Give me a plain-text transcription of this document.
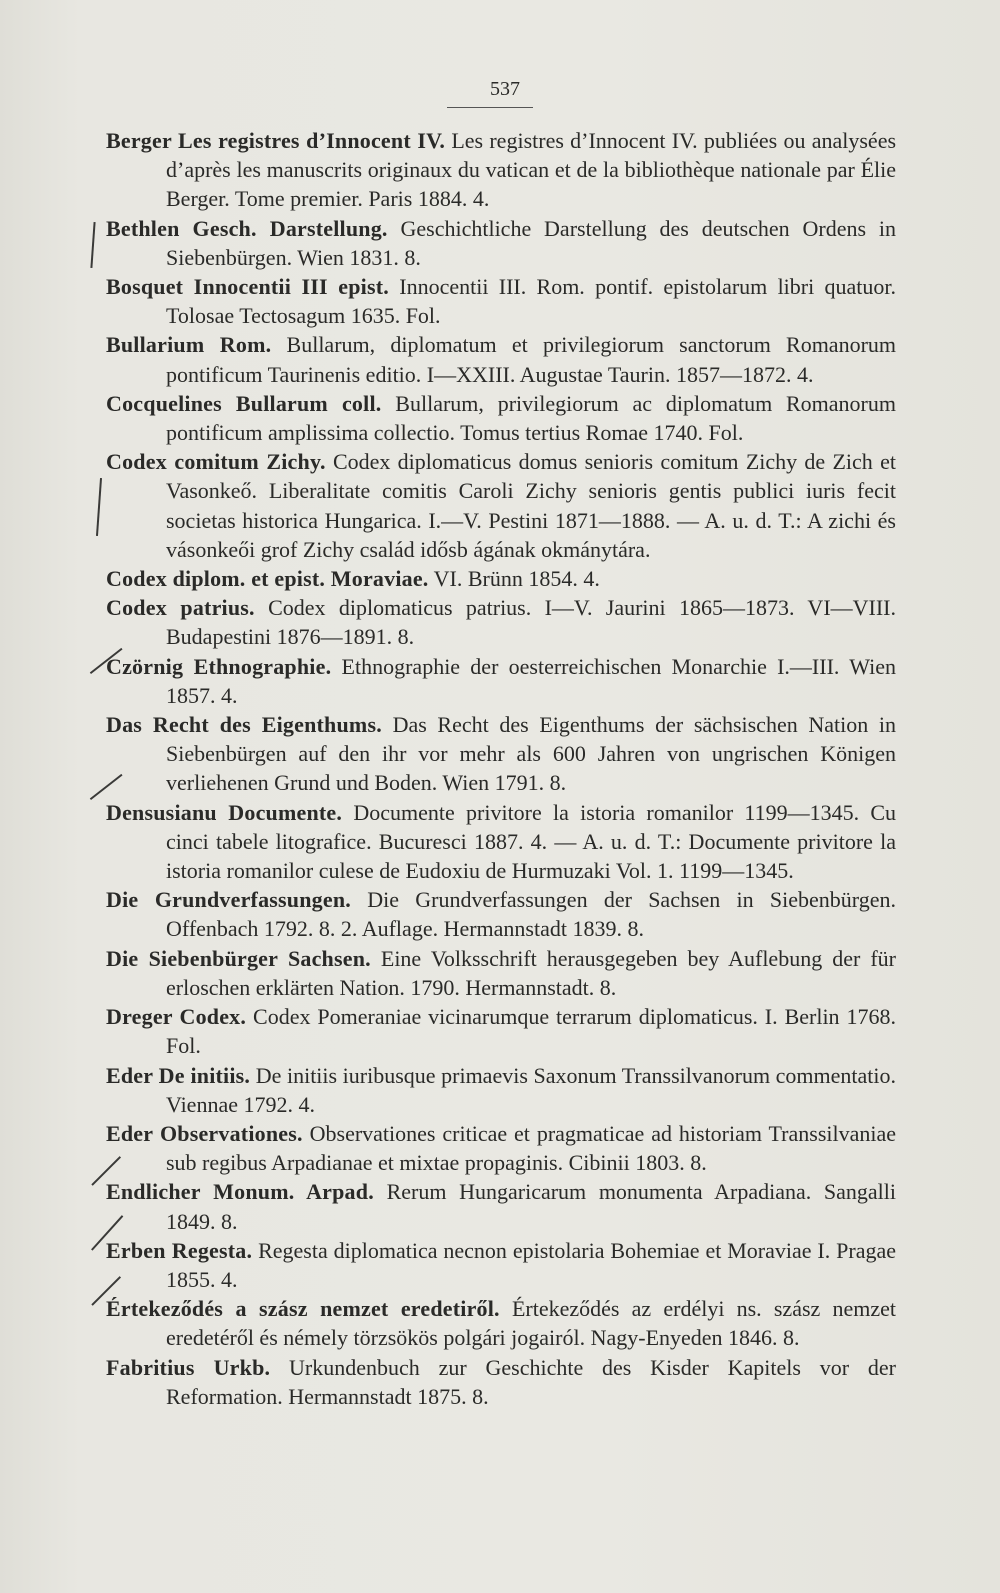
537

Berger Les registres d’Innocent IV. Les registres d’Innocent IV. publiées ou analysées d’après les manuscrits originaux du vatican et de la bibliothèque nationale par Élie Berger. Tome premier. Paris 1884. 4.

Bethlen Gesch. Darstellung. Geschichtliche Darstellung des deutschen Ordens in Siebenbürgen. Wien 1831. 8.

Bosquet Innocentii III epist. Innocentii III. Rom. pontif. epistolarum libri quatuor. Tolosae Tectosagum 1635. Fol.

Bullarium Rom. Bullarum, diplomatum et privilegiorum sanctorum Romanorum pontificum Taurinenis editio. I—XXIII. Augustae Taurin. 1857—1872. 4.

Cocquelines Bullarum coll. Bullarum, privilegiorum ac diplomatum Romanorum pontificum amplissima collectio. Tomus tertius Romae 1740. Fol.

Codex comitum Zichy. Codex diplomaticus domus senioris comitum Zichy de Zich et Vasonkeő. Liberalitate comitis Caroli Zichy senioris gentis publici iuris fecit societas historica Hungarica. I.—V. Pestini 1871—1888. — A. u. d. T.: A zichi és vásonkeői grof Zichy család idősb ágának okmánytára.

Codex diplom. et epist. Moraviae. VI. Brünn 1854. 4.

Codex patrius. Codex diplomaticus patrius. I—V. Jaurini 1865—1873. VI—VIII. Budapestini 1876—1891. 8.

Czörnig Ethnographie. Ethnographie der oesterreichischen Monarchie I.—III. Wien 1857. 4.

Das Recht des Eigenthums. Das Recht des Eigenthums der sächsischen Nation in Siebenbürgen auf den ihr vor mehr als 600 Jahren von ungrischen Königen verliehenen Grund und Boden. Wien 1791. 8.

Densusianu Documente. Documente privitore la istoria romanilor 1199—1345. Cu cinci tabele litografice. Bucuresci 1887. 4. — A. u. d. T.: Documente privitore la istoria romanilor culese de Eudoxiu de Hurmuzaki Vol. 1. 1199—1345.

Die Grundverfassungen. Die Grundverfassungen der Sachsen in Siebenbürgen. Offenbach 1792. 8. 2. Auflage. Hermannstadt 1839. 8.

Die Siebenbürger Sachsen. Eine Volksschrift herausgegeben bey Auflebung der für erloschen erklärten Nation. 1790. Hermannstadt. 8.

Dreger Codex. Codex Pomeraniae vicinarumque terrarum diplomaticus. I. Berlin 1768. Fol.

Eder De initiis. De initiis iuribusque primaevis Saxonum Transsilvanorum commentatio. Viennae 1792. 4.

Eder Observationes. Observationes criticae et pragmaticae ad historiam Transsilvaniae sub regibus Arpadianae et mixtae propaginis. Cibinii 1803. 8.

Endlicher Monum. Arpad. Rerum Hungaricarum monumenta Arpadiana. Sangalli 1849. 8.

Erben Regesta. Regesta diplomatica necnon epistolaria Bohemiae et Moraviae I. Pragae 1855. 4.

Értekeződés a szász nemzet eredetiről. Értekeződés az erdélyi ns. szász nemzet eredetéről és némely törzsökös polgári jogairól. Nagy-Enyeden 1846. 8.

Fabritius Urkb. Urkundenbuch zur Geschichte des Kisder Kapitels vor der Reformation. Hermannstadt 1875. 8.
